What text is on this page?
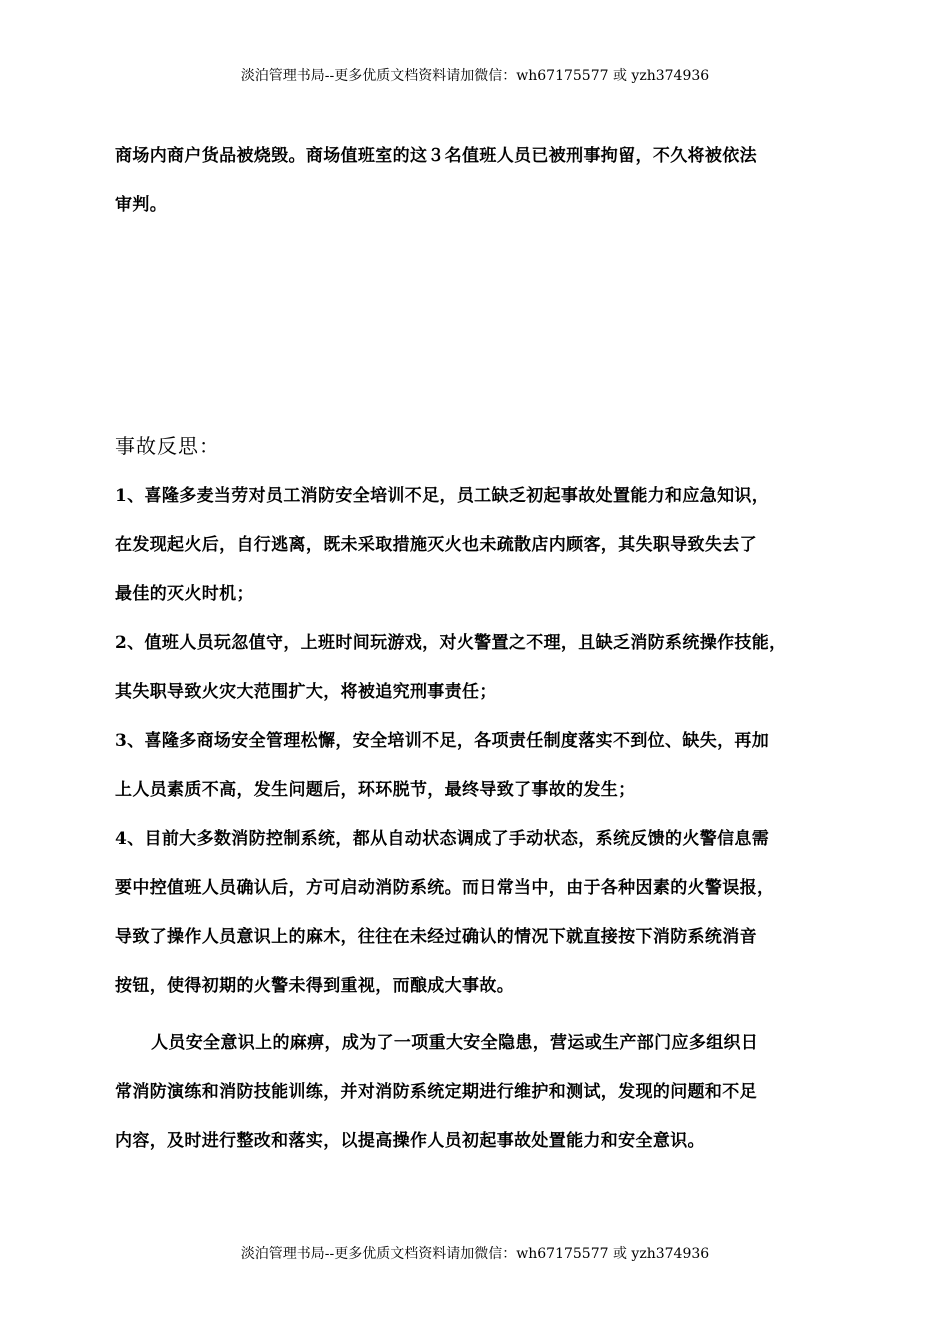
淡泊管理书局--更多优质文档资料请加微信：wh67175577 或 yzh374936
商场内商户货品被烧毁。商场值班室的这３名值班人员已被刑事拘留，不久将被依法
审判。
事故反思：
1、喜隆多麦当劳对员工消防安全培训不足，员工缺乏初起事故处置能力和应急知识，
在发现起火后，自行逃离，既未采取措施灭火也未疏散店内顾客，其失职导致失去了
最佳的灭火时机；
2、值班人员玩忽值守，上班时间玩游戏，对火警置之不理，且缺乏消防系统操作技能，
其失职导致火灾大范围扩大，将被追究刑事责任；
3、喜隆多商场安全管理松懈，安全培训不足，各项责任制度落实不到位、缺失，再加
上人员素质不高，发生问题后，环环脱节，最终导致了事故的发生；
4、目前大多数消防控制系统，都从自动状态调成了手动状态，系统反馈的火警信息需
要中控值班人员确认后，方可启动消防系统。而日常当中，由于各种因素的火警误报，
导致了操作人员意识上的麻木，往往在未经过确认的情况下就直接按下消防系统消音
按钮，使得初期的火警未得到重视，而酿成大事故。
人员安全意识上的麻痹，成为了一项重大安全隐患，营运或生产部门应多组织日
常消防演练和消防技能训练，并对消防系统定期进行维护和测试，发现的问题和不足
内容，及时进行整改和落实，以提高操作人员初起事故处置能力和安全意识。
淡泊管理书局--更多优质文档资料请加微信：wh67175577 或 yzh374936
